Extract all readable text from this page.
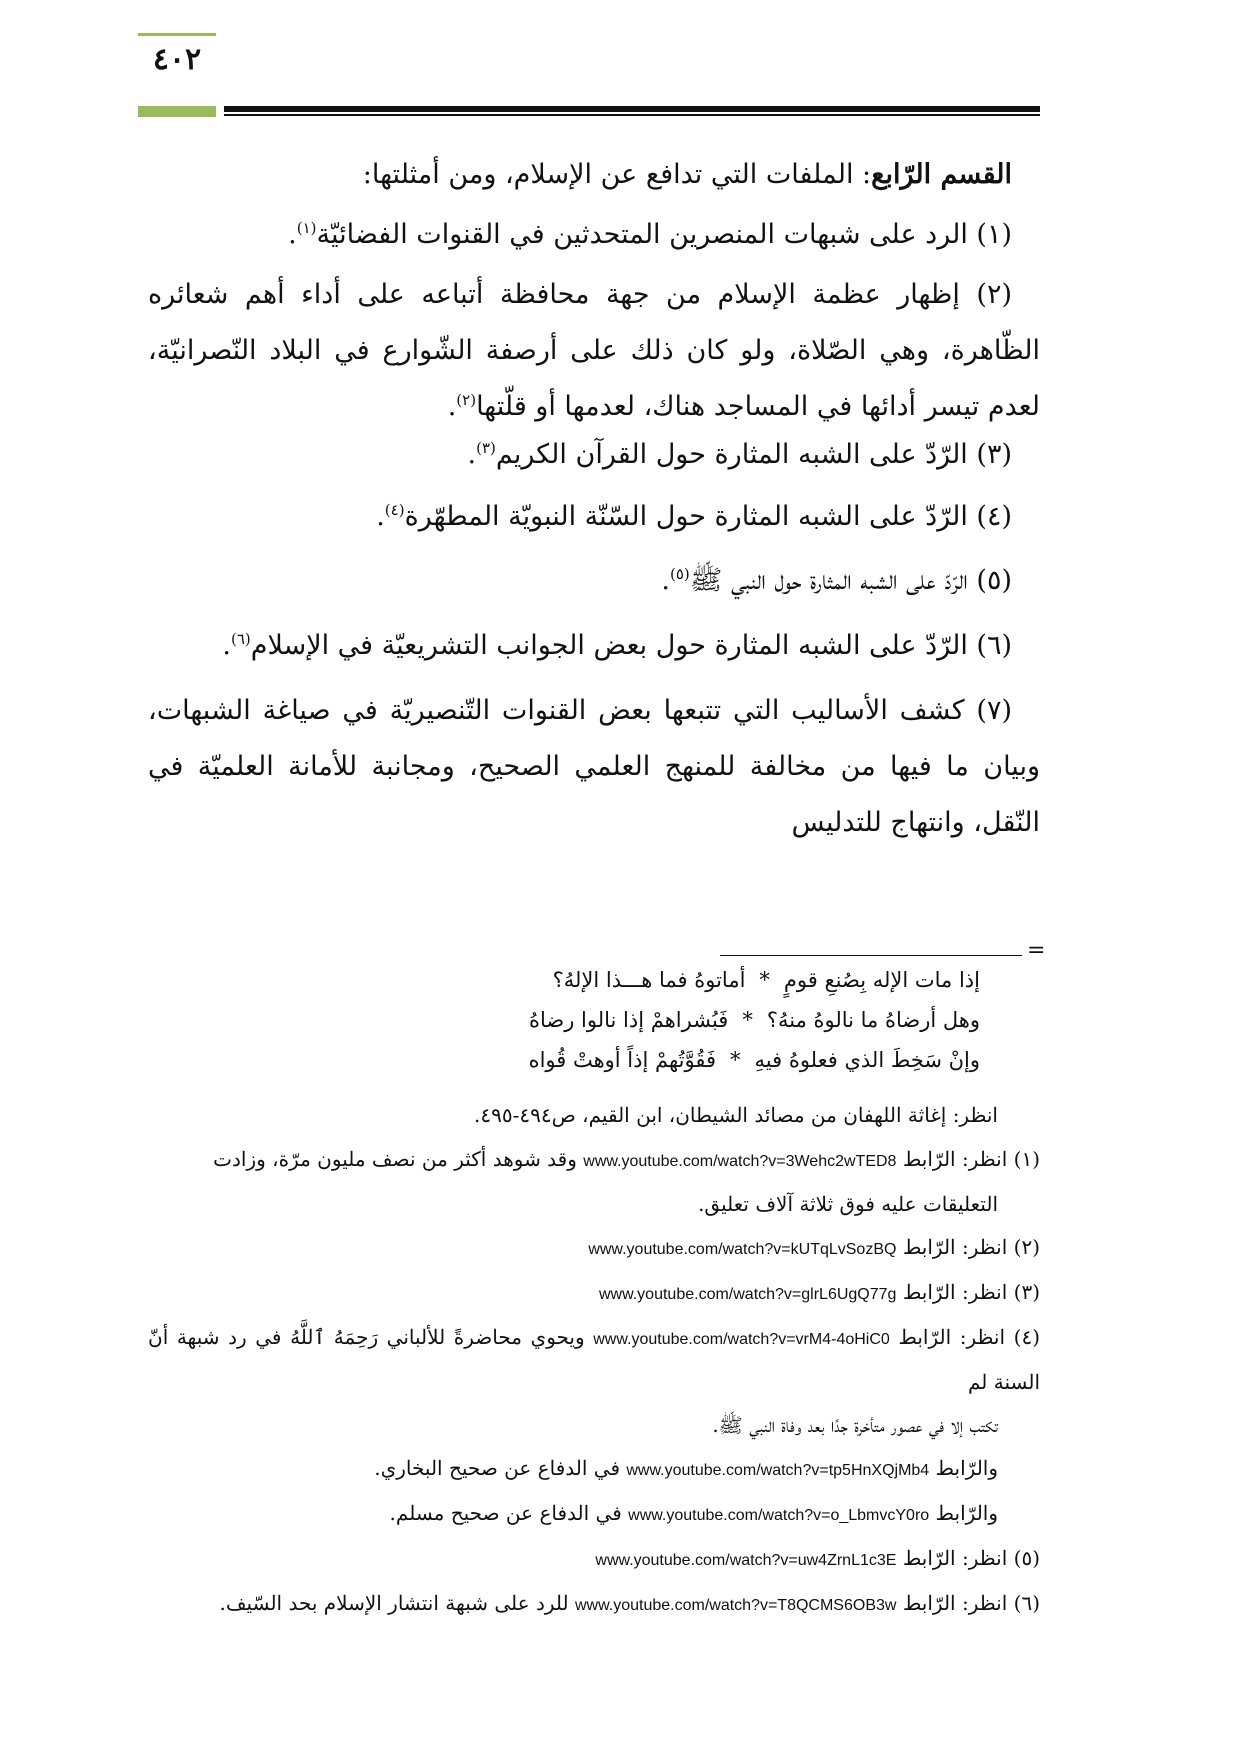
٤٠٢

القسم الرّابع: الملفات التي تدافع عن الإسلام، ومن أمثلتها:

(١) الرد على شبهات المنصرين المتحدثين في القنوات الفضائيّة$^{(١)}$.

(٢) إظهار عظمة الإسلام من جهة محافظة أتباعه على أداء أهم شعائره الظّاهرة، وهي الصّلاة، ولو كان ذلك على أرصفة الشّوارع في البلاد النّصرانيّة، لعدم تيسر أدائها في المساجد هناك، لعدمها أو قلّتها$^{(٢)}$.

(٣) الرّدّ على الشبه المثارة حول القرآن الكريم$^{(٣)}$.

(٤) الرّدّ على الشبه المثارة حول السّنّة النبويّة المطهّرة$^{(٤)}$.

(٥) الرّدّ على الشبه المثارة حول النبي ﷺ$^{(٥)}$.

(٦) الرّدّ على الشبه المثارة حول بعض الجوانب التشريعيّة في الإسلام$^{(٦)}$.

(٧) كشف الأساليب التي تتبعها بعض القنوات التّنصيريّة في صياغة الشبهات، وبيان ما فيها من مخالفة للمنهج العلمي الصحيح، ومجانبة للأمانة العلميّة في النّقل، وانتهاج للتدليس

=
إذا مات الإله بِصُنعِ قومٍ
*
أماتوهُ فما هـــذا الإلهُ؟
وهل أرضاهُ ما نالوهُ منهُ؟
*
فَبُشراهمْ إذا نالوا رضاهُ
وإنْ سَخِطَ الذي فعلوهُ فيهِ
*
فَقُوَّتُهمْ إذاً أوهتْ قُواه

انظر: إغاثة اللهفان من مصائد الشيطان، ابن القيم، ص٤٩٤-٤٩٥.

(١) انظر: الرّابط www.youtube.com/watch?v=3Wehc2wTED8 وقد شوهد أكثر من نصف مليون مرّة، وزادت

التعليقات عليه فوق ثلاثة آلاف تعليق.

(٢) انظر: الرّابط www.youtube.com/watch?v=kUTqLvSozBQ

(٣) انظر: الرّابط www.youtube.com/watch?v=glrL6UgQ77g

(٤) انظر: الرّابط www.youtube.com/watch?v=vrM4-4oHiC0 ويحوي محاضرةً للألباني رَحِمَهُ ٱللَّهُ في رد شبهة أنّ السنة لم

تكتب إلا في عصور متأخرة جدًا بعد وفاة النبي ﷺ.

والرّابط www.youtube.com/watch?v=tp5HnXQjMb4 في الدفاع عن صحيح البخاري.

والرّابط www.youtube.com/watch?v=o_LbmvcY0ro في الدفاع عن صحيح مسلم.

(٥) انظر: الرّابط www.youtube.com/watch?v=uw4ZrnL1c3E

(٦) انظر: الرّابط www.youtube.com/watch?v=T8QCMS6OB3w للرد على شبهة انتشار الإسلام بحد السّيف.
